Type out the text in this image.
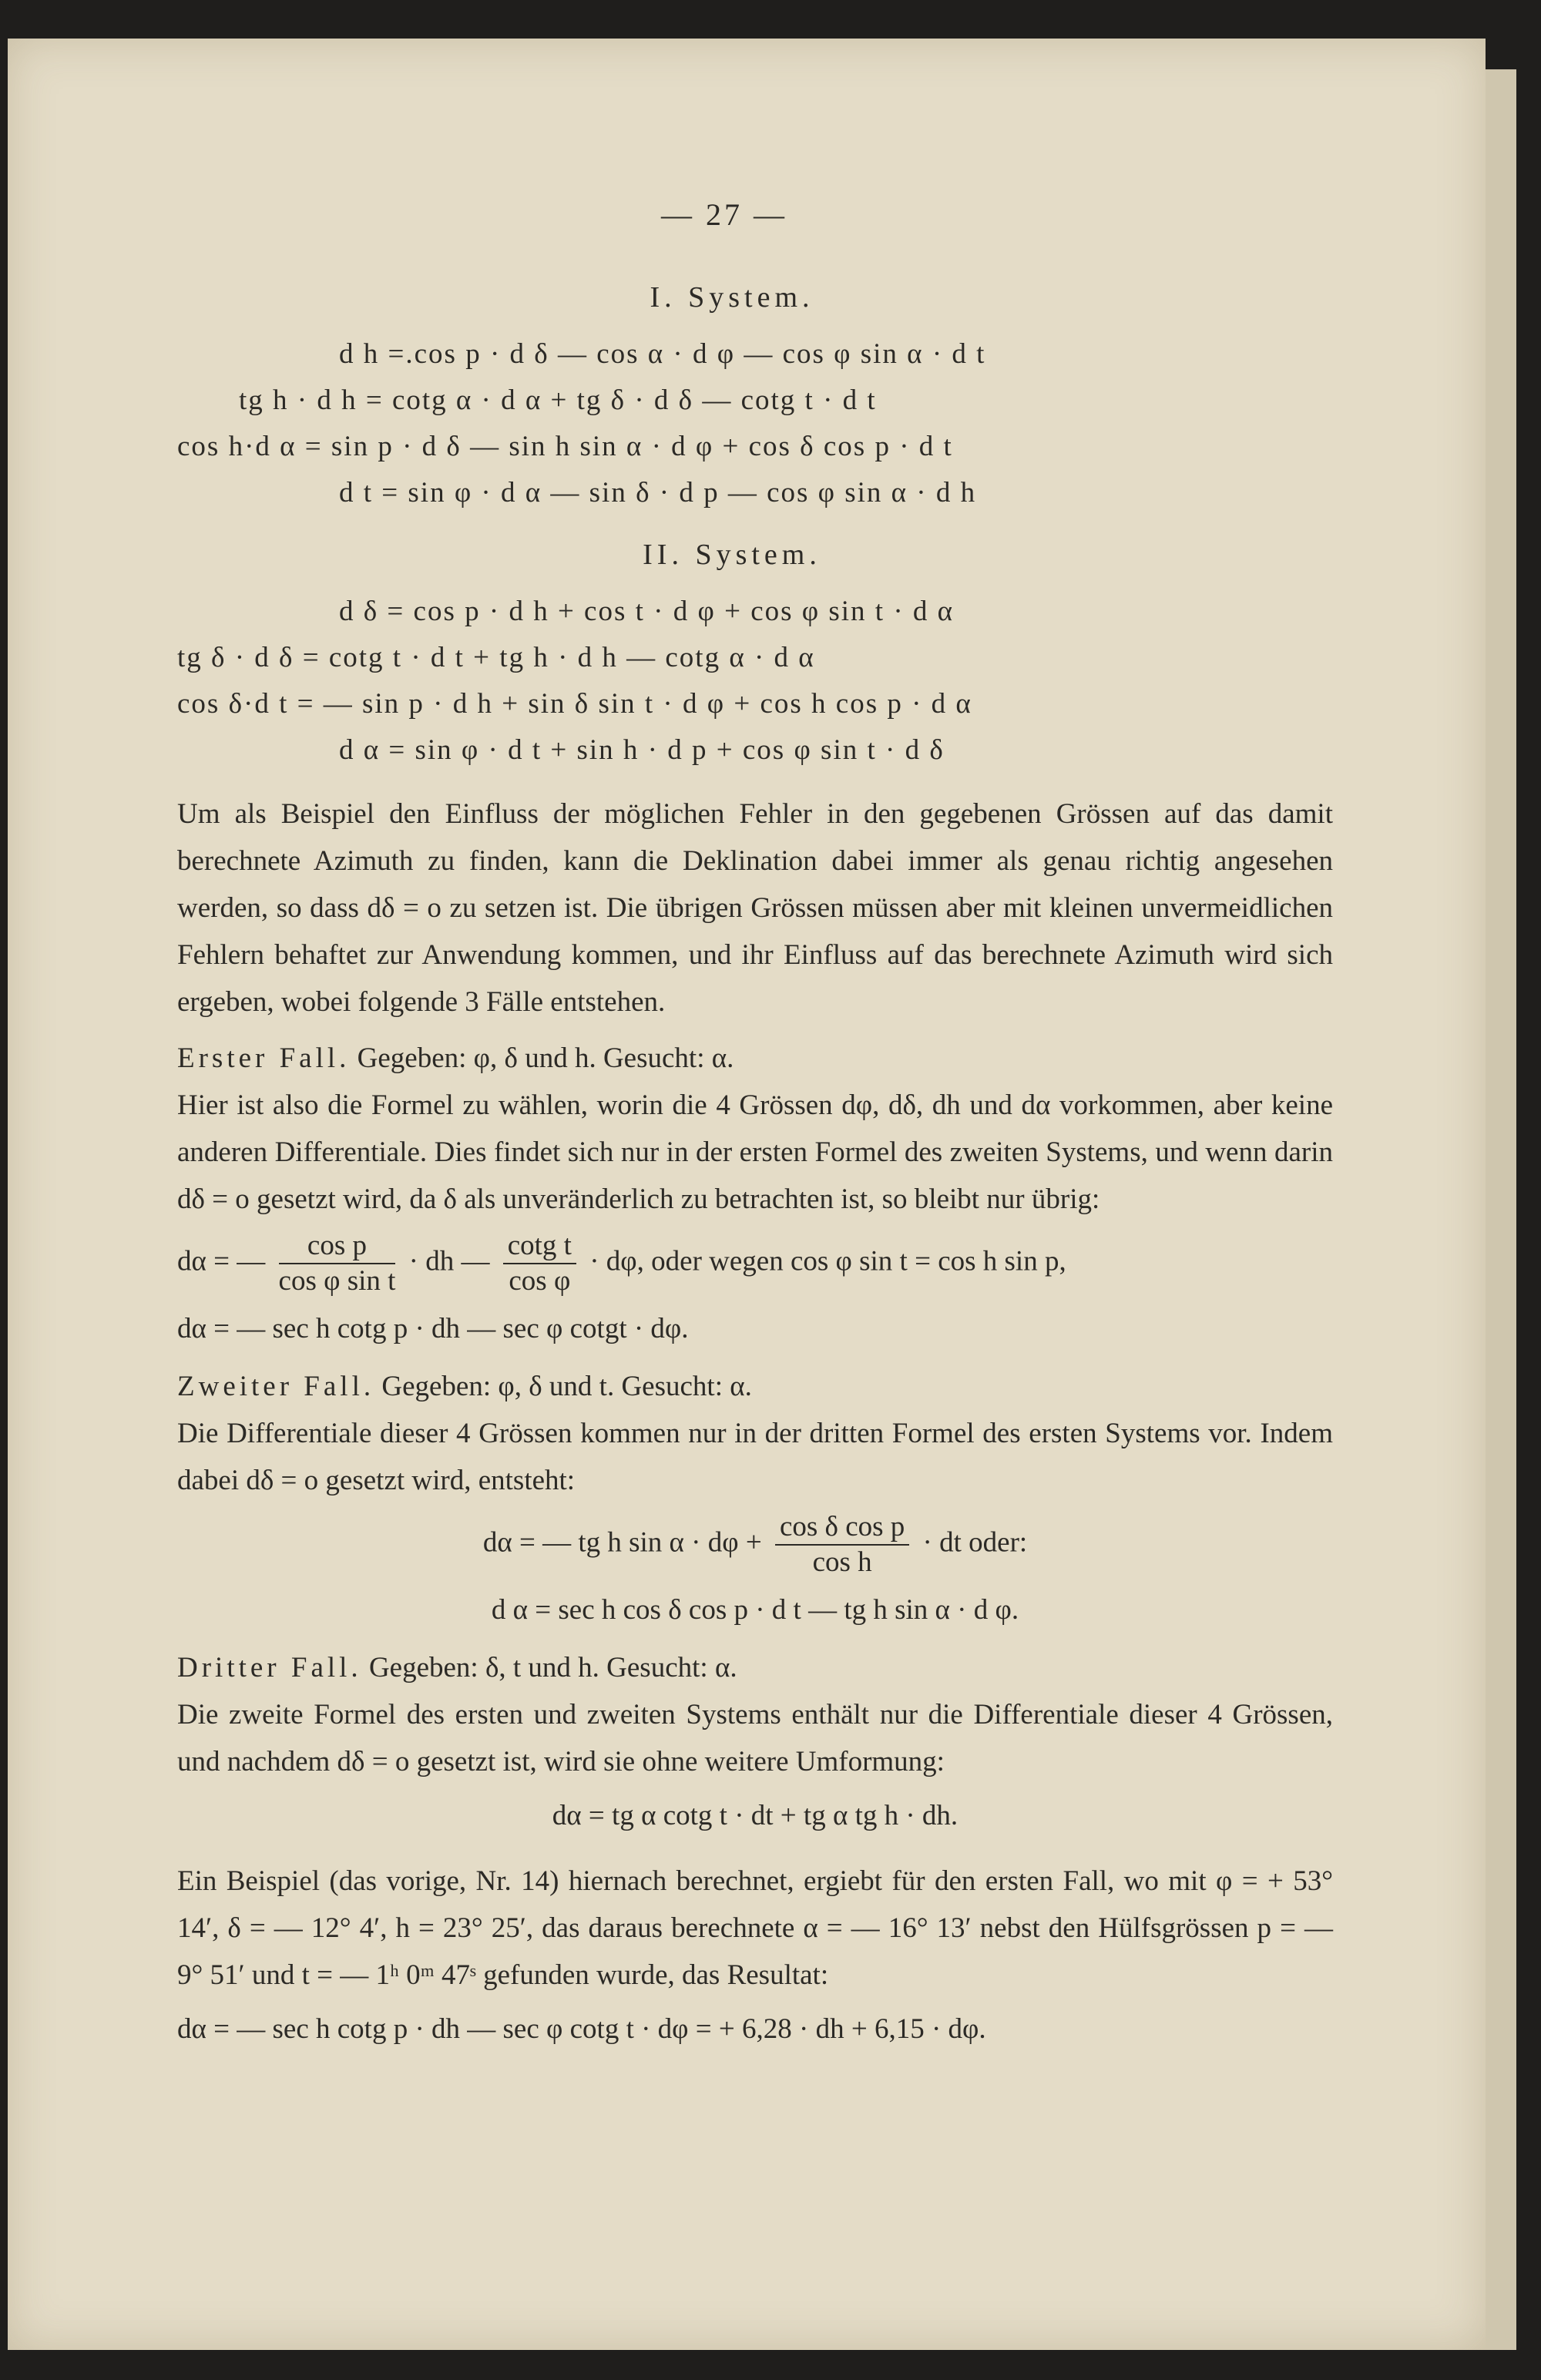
— 27 —
I. System.
d h =.cos p · d δ — cos α · d φ — cos φ sin α · d t
tg h · d h = cotg α · d α + tg δ · d δ — cotg t · d t
cos h·d α = sin p · d δ — sin h sin α · d φ + cos δ cos p · d t
d t = sin φ · d α — sin δ · d p — cos φ sin α · d h
II. System.
d δ = cos p · d h + cos t · d φ + cos φ sin t · d α
tg δ · d δ = cotg t · d t + tg h · d h — cotg α · d α
cos δ·d t = — sin p · d h + sin δ sin t · d φ + cos h cos p · d α
d α = sin φ · d t + sin h · d p + cos φ sin t · d δ
Um als Beispiel den Einfluss der möglichen Fehler in den gegebenen Grössen auf das damit berechnete Azimuth zu finden, kann die Deklination dabei immer als genau richtig angesehen werden, so dass dδ = o zu setzen ist. Die übrigen Grössen müssen aber mit kleinen unvermeidlichen Fehlern behaftet zur Anwendung kommen, und ihr Einfluss auf das berechnete Azimuth wird sich ergeben, wobei folgende 3 Fälle entstehen.
Erster Fall. Gegeben: φ, δ und h. Gesucht: α.
Hier ist also die Formel zu wählen, worin die 4 Grössen dφ, dδ, dh und dα vorkommen, aber keine anderen Differentiale. Dies findet sich nur in der ersten Formel des zweiten Systems, und wenn darin dδ = o gesetzt wird, da δ als unveränderlich zu betrachten ist, so bleibt nur übrig:
dα = — $\frac{\text{cos p}}{\text{cos φ sin t}}$ · dh — $\frac{\text{cotg t}}{\text{cos φ}} \cdot d\varphi$, oder wegen cos φ sin t = cos h sin p,
dα = — sec h cotg p · dh — sec φ cotgt · dφ.
Zweiter Fall. Gegeben: φ, δ und t. Gesucht: α.
Die Differentiale dieser 4 Grössen kommen nur in der dritten Formel des ersten Systems vor. Indem dabei dδ = o gesetzt wird, entsteht:
dα = — tg h $\sin \alpha \cdot d\varphi + \frac{\text{cos δ cos p}}{\text{cos h}}$ · dt oder:
d α = sec h cos δ cos p · d t — tg h sin α · d φ.
Dritter Fall. Gegeben: δ, t und h. Gesucht: α.
Die zweite Formel des ersten und zweiten Systems enthält nur die Differentiale dieser 4 Grössen, und nachdem dδ = o gesetzt ist, wird sie ohne weitere Umformung:
dα = tg α cotg t · dt + tg α tg h · dh.
Ein Beispiel (das vorige, Nr. 14) hiernach berechnet, ergiebt für den ersten Fall, wo mit φ = + 53° 14′, δ = — 12° 4′, h = 23° 25′, das daraus berechnete α = — 16° 13′ nebst den Hülfsgrössen p = — 9° 51′ und t = — 1ʰ 0ᵐ 47ˢ gefunden wurde, das Resultat:
dα = — sec h cotg p · dh — sec φ cotg t · dφ = + 6,28 · dh + 6,15 · dφ.
